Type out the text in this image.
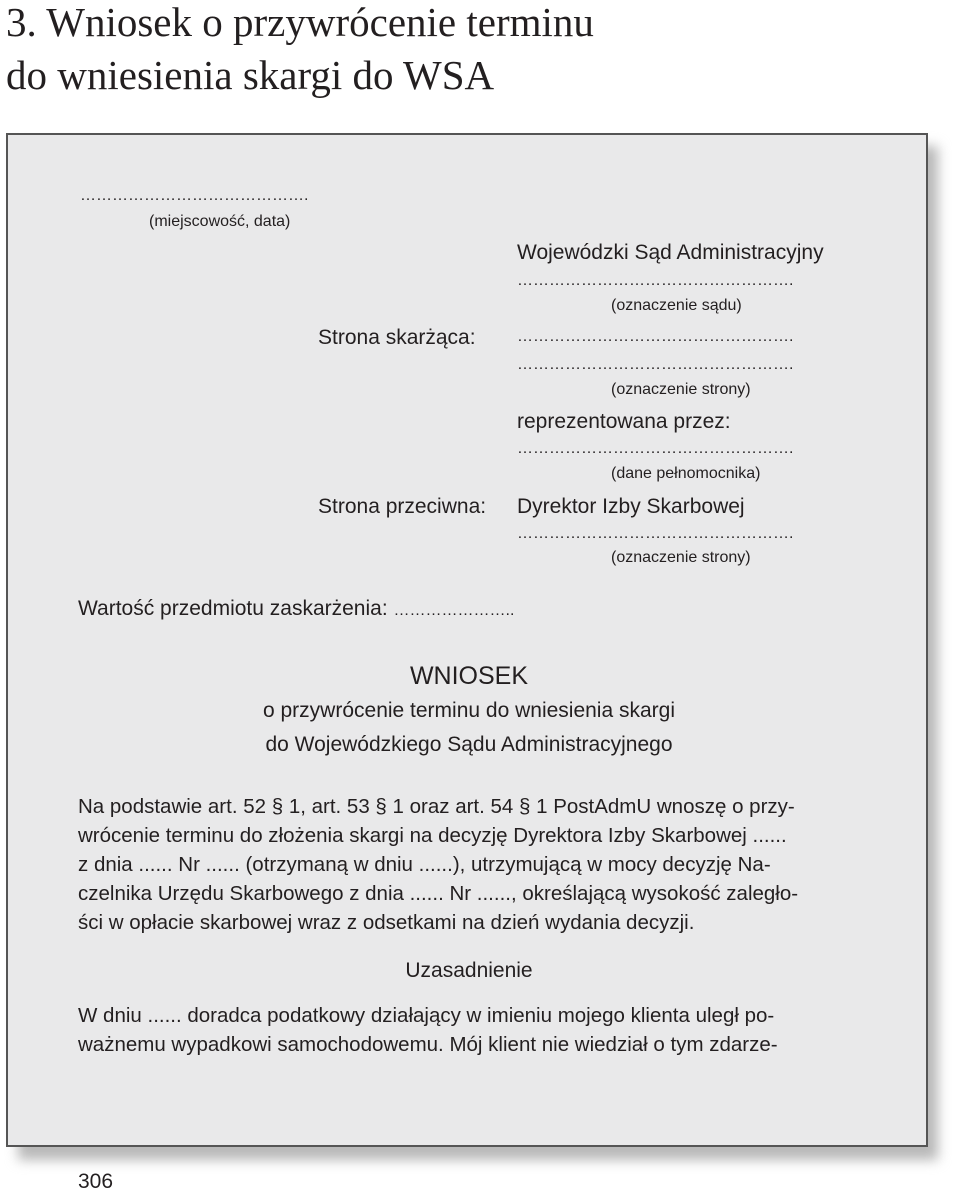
3. Wniosek o przywrócenie terminu
do wniesienia skargi do WSA
…………………………………….
(miejscowość, data)
Wojewódzki Sąd Administracyjny
…………………………………………….
(oznaczenie sądu)
Strona skarżąca:	…………………………………………….
…………………………………………….
(oznaczenie strony)
reprezentowana przez:
…………………………………………….
(dane pełnomocnika)
Strona przeciwna: Dyrektor Izby Skarbowej
…………………………………………….
(oznaczenie strony)
Wartość przedmiotu zaskarżenia: …………………..
WNIOSEK
o przywrócenie terminu do wniesienia skargi
do Wojewódzkiego Sądu Administracyjnego
Na podstawie art. 52 § 1, art. 53 § 1 oraz art. 54 § 1 PostAdmU wnoszę o przy-
wrócenie terminu do złożenia skargi na decyzję Dyrektora Izby Skarbowej ......
z dnia ...... Nr ...... (otrzymaną w dniu ......), utrzymującą w mocy decyzję Na-
czelnika Urzędu Skarbowego z dnia ...... Nr ......, określającą wysokość zaległo-
ści w opłacie skarbowej wraz z odsetkami na dzień wydania decyzji.
Uzasadnienie
W dniu ...... doradca podatkowy działający w imieniu mojego klienta uległ po-
ważnemu wypadkowi samochodowemu. Mój klient nie wiedział o tym zdarze-
306
